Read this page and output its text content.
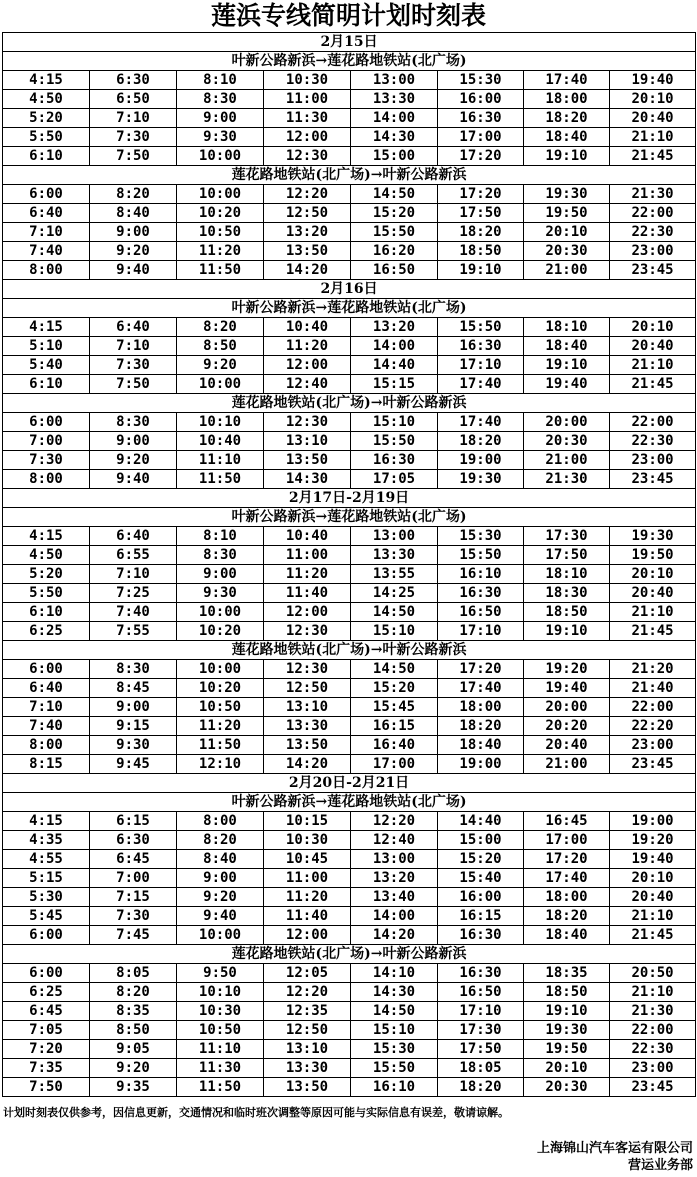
莲浜专线简明计划时刻表
2月15日							
叶新公路新浜→莲花路地铁站(北广场)							
4:15	6:30	8:10	10:30	13:00	15:30	17:40	19:40
4:50	6:50	8:30	11:00	13:30	16:00	18:00	20:10
5:20	7:10	9:00	11:30	14:00	16:30	18:20	20:40
5:50	7:30	9:30	12:00	14:30	17:00	18:40	21:10
6:10	7:50	10:00	12:30	15:00	17:20	19:10	21:45
莲花路地铁站(北广场)→叶新公路新浜							
6:00	8:20	10:00	12:20	14:50	17:20	19:30	21:30
6:40	8:40	10:20	12:50	15:20	17:50	19:50	22:00
7:10	9:00	10:50	13:20	15:50	18:20	20:10	22:30
7:40	9:20	11:20	13:50	16:20	18:50	20:30	23:00
8:00	9:40	11:50	14:20	16:50	19:10	21:00	23:45
2月16日							
叶新公路新浜→莲花路地铁站(北广场)							
4:15	6:40	8:20	10:40	13:20	15:50	18:10	20:10
5:10	7:10	8:50	11:20	14:00	16:30	18:40	20:40
5:40	7:30	9:20	12:00	14:40	17:10	19:10	21:10
6:10	7:50	10:00	12:40	15:15	17:40	19:40	21:45
莲花路地铁站(北广场)→叶新公路新浜							
6:00	8:30	10:10	12:30	15:10	17:40	20:00	22:00
7:00	9:00	10:40	13:10	15:50	18:20	20:30	22:30
7:30	9:20	11:10	13:50	16:30	19:00	21:00	23:00
8:00	9:40	11:50	14:30	17:05	19:30	21:30	23:45
2月17日-2月19日							
叶新公路新浜→莲花路地铁站(北广场)							
4:15	6:40	8:10	10:40	13:00	15:30	17:30	19:30
4:50	6:55	8:30	11:00	13:30	15:50	17:50	19:50
5:20	7:10	9:00	11:20	13:55	16:10	18:10	20:10
5:50	7:25	9:30	11:40	14:25	16:30	18:30	20:40
6:10	7:40	10:00	12:00	14:50	16:50	18:50	21:10
6:25	7:55	10:20	12:30	15:10	17:10	19:10	21:45
莲花路地铁站(北广场)→叶新公路新浜							
6:00	8:30	10:00	12:30	14:50	17:20	19:20	21:20
6:40	8:45	10:20	12:50	15:20	17:40	19:40	21:40
7:10	9:00	10:50	13:10	15:45	18:00	20:00	22:00
7:40	9:15	11:20	13:30	16:15	18:20	20:20	22:20
8:00	9:30	11:50	13:50	16:40	18:40	20:40	23:00
8:15	9:45	12:10	14:20	17:00	19:00	21:00	23:45
2月20日-2月21日							
叶新公路新浜→莲花路地铁站(北广场)							
4:15	6:15	8:00	10:15	12:20	14:40	16:45	19:00
4:35	6:30	8:20	10:30	12:40	15:00	17:00	19:20
4:55	6:45	8:40	10:45	13:00	15:20	17:20	19:40
5:15	7:00	9:00	11:00	13:20	15:40	17:40	20:10
5:30	7:15	9:20	11:20	13:40	16:00	18:00	20:40
5:45	7:30	9:40	11:40	14:00	16:15	18:20	21:10
6:00	7:45	10:00	12:00	14:20	16:30	18:40	21:45
莲花路地铁站(北广场)→叶新公路新浜							
6:00	8:05	9:50	12:05	14:10	16:30	18:35	20:50
6:25	8:20	10:10	12:20	14:30	16:50	18:50	21:10
6:45	8:35	10:30	12:35	14:50	17:10	19:10	21:30
7:05	8:50	10:50	12:50	15:10	17:30	19:30	22:00
7:20	9:05	11:10	13:10	15:30	17:50	19:50	22:30
7:35	9:20	11:30	13:30	15:50	18:05	20:10	23:00
7:50	9:35	11:50	13:50	16:10	18:20	20:30	23:45
计划时刻表仅供参考，因信息更新，交通情况和临时班次调整等原因可能与实际信息有误差，敬请谅解。
上海锦山汽车客运有限公司
营运业务部
